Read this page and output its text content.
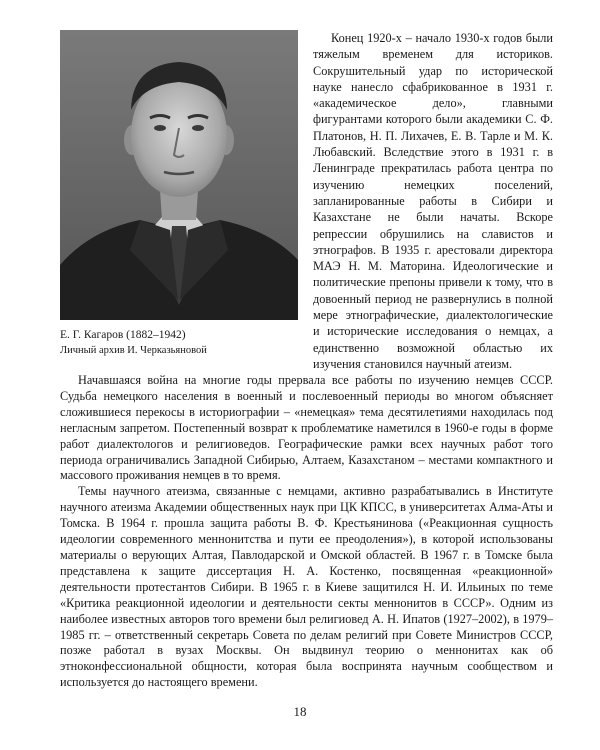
Е. Г. Кагаров (1882–1942)
Личный архив И. Черказьяновой

Конец 1920-х – начало 1930-х годов были тяжелым временем для историков. Сокрушительный удар по исторической науке нанесло сфабрикованное в 1931 г. «академическое дело», главными фигурантами которого были академики С. Ф. Платонов, Н. П. Лихачев, Е. В. Тарле и М. К. Любавский. Вследствие этого в 1931 г. в Ленинграде прекратилась работа центра по изучению немецких поселений, запланированные работы в Сибири и Казахстане не были начаты. Вскоре репрессии обрушились на славистов и этнографов. В 1935 г. арестовали директора МАЭ Н. М. Маторина. Идеологические и политические препоны привели к тому, что в довоенный период не развернулись в полной мере этнографические, диалектологические и исторические исследования о немцах, а единственно возможной областью их изучения становился научный атеизм.

Начавшаяся война на многие годы прервала все работы по изучению немцев СССР. Судьба немецкого населения в военный и послевоенный периоды во многом объясняет сложившиеся перекосы в историографии – «немецкая» тема десятилетиями находилась под негласным запретом. Постепенный возврат к проблематике наметился в 1960-е годы в форме работ диалектологов и религиоведов. Географические рамки всех научных работ того периода ограничивались Западной Сибирью, Алтаем, Казахстаном – местами компактного и массового проживания немцев в то время.

Темы научного атеизма, связанные с немцами, активно разрабатывались в Институте научного атеизма Академии общественных наук при ЦК КПСС, в университетах Алма-Аты и Томска. В 1964 г. прошла защита работы В. Ф. Крестьянинова («Реакционная сущность идеологии современного меннонитства и пути ее преодоления»), в которой использованы материалы о верующих Алтая, Павлодарской и Омской областей. В 1967 г. в Томске была представлена к защите диссертация Н. А. Костенко, посвященная «реакционной» деятельности протестантов Сибири. В 1965 г. в Киеве защитился Н. И. Ильиных по теме «Критика реакционной идеологии и деятельности секты меннонитов в СССР». Одним из наиболее известных авторов того времени был религиовед А. Н. Ипатов (1927–2002), в 1979–1985 гг. – ответственный секретарь Совета по делам религий при Совете Министров СССР, позже работал в вузах Москвы. Он выдвинул теорию о меннонитах как об этноконфессиональной общности, которая была воспринята научным сообществом и используется до настоящего времени.

18
